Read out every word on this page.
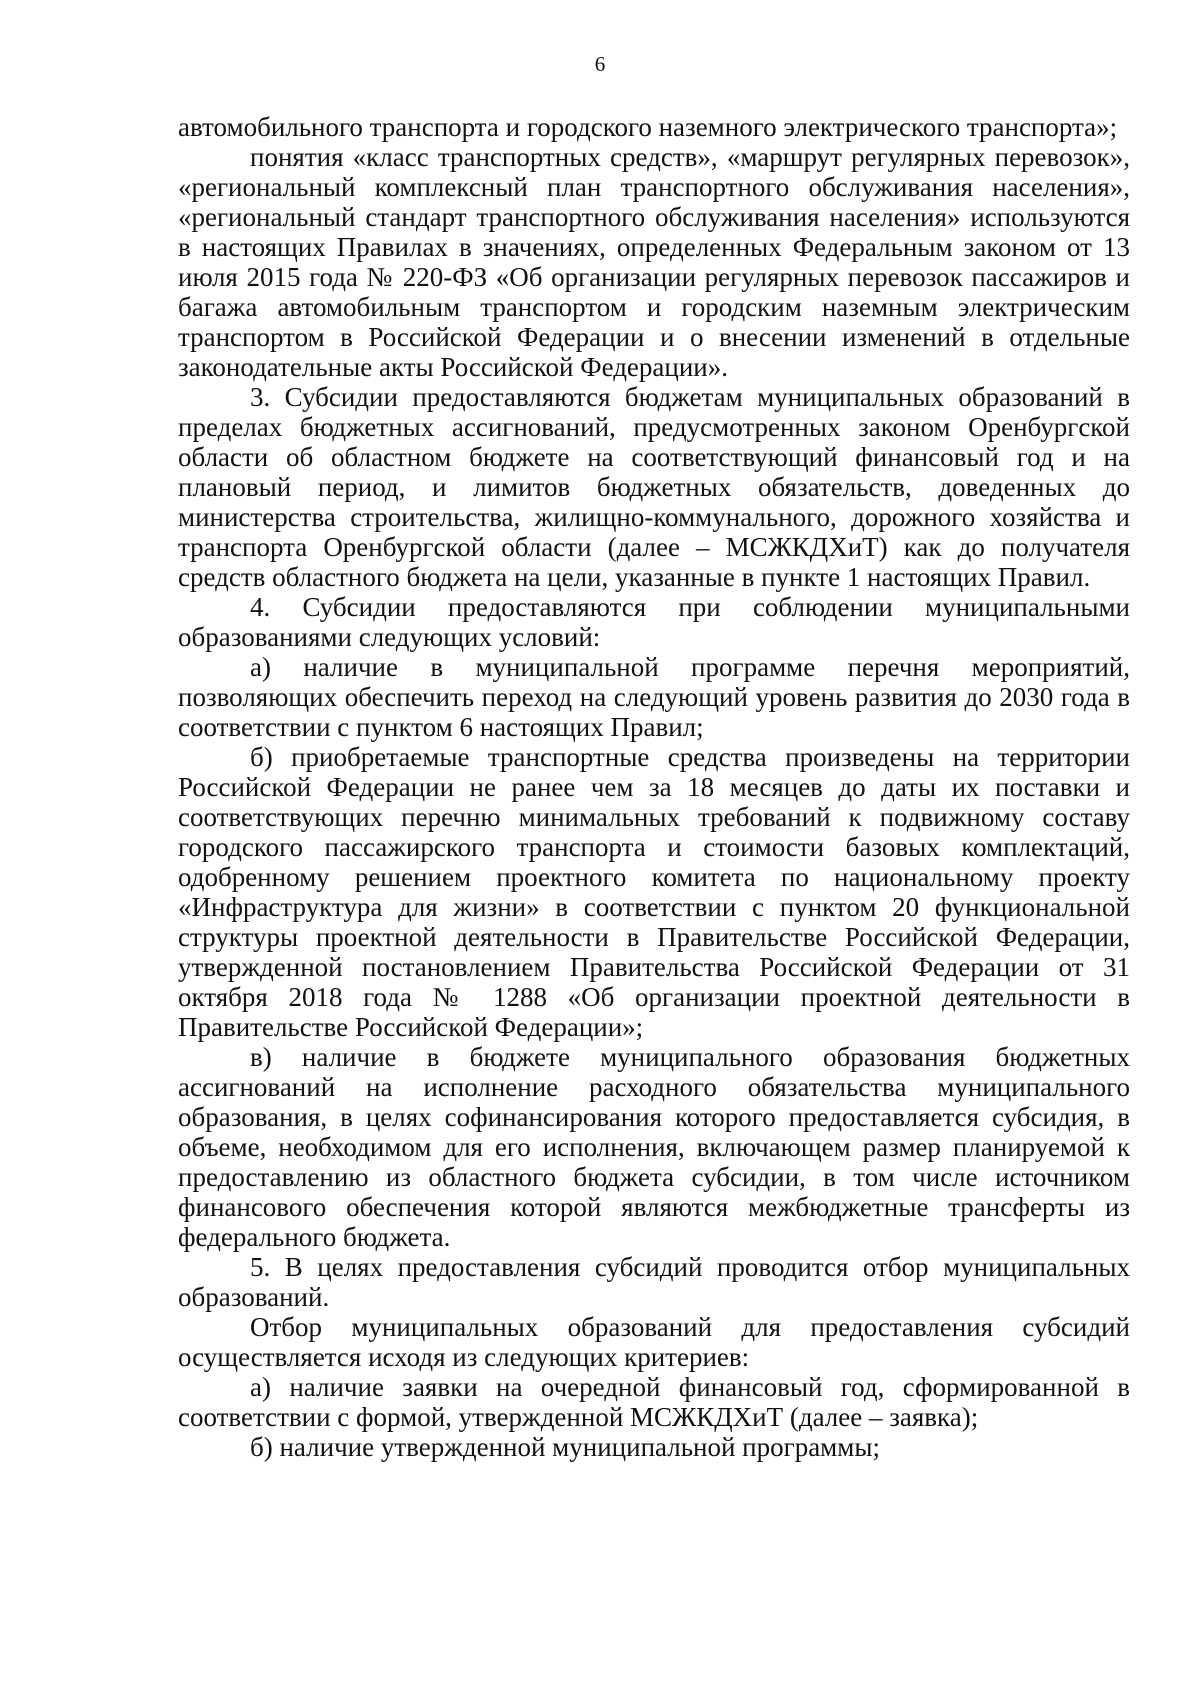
6

автомобильного транспорта и городского наземного электрического транспорта»;

понятия «класс транспортных средств», «маршрут регулярных перевозок», «региональный комплексный план транспортного обслуживания населения», «региональный стандарт транспортного обслуживания населения» используются в настоящих Правилах в значениях, определенных Федеральным законом от 13 июля 2015 года № 220-ФЗ «Об организации регулярных перевозок пассажиров и багажа автомобильным транспортом и городским наземным электрическим транспортом в Российской Федерации и о внесении изменений в отдельные законодательные акты Российской Федерации».

3. Субсидии предоставляются бюджетам муниципальных образований в пределах бюджетных ассигнований, предусмотренных законом Оренбургской области об областном бюджете на соответствующий финансовый год и на плановый период, и лимитов бюджетных обязательств, доведенных до министерства строительства, жилищно-коммунального, дорожного хозяйства и транспорта Оренбургской области (далее – МСЖКДХиТ) как до получателя средств областного бюджета на цели, указанные в пункте 1 настоящих Правил.

4. Субсидии предоставляются при соблюдении муниципальными образованиями следующих условий:

а) наличие в муниципальной программе перечня мероприятий, позволяющих обеспечить переход на следующий уровень развития до 2030 года в соответствии с пунктом 6 настоящих Правил;

б) приобретаемые транспортные средства произведены на территории Российской Федерации не ранее чем за 18 месяцев до даты их поставки и соответствующих перечню минимальных требований к подвижному составу городского пассажирского транспорта и стоимости базовых комплектаций, одобренному решением проектного комитета по национальному проекту «Инфраструктура для жизни» в соответствии с пунктом 20 функциональной структуры проектной деятельности в Правительстве Российской Федерации, утвержденной постановлением Правительства Российской Федерации от 31 октября 2018 года № 1288 «Об организации проектной деятельности в Правительстве Российской Федерации»;

в) наличие в бюджете муниципального образования бюджетных ассигнований на исполнение расходного обязательства муниципального образования, в целях софинансирования которого предоставляется субсидия, в объеме, необходимом для его исполнения, включающем размер планируемой к предоставлению из областного бюджета субсидии, в том числе источником финансового обеспечения которой являются межбюджетные трансферты из федерального бюджета.

5. В целях предоставления субсидий проводится отбор муниципальных образований.

Отбор муниципальных образований для предоставления субсидий осуществляется исходя из следующих критериев:

а) наличие заявки на очередной финансовый год, сформированной в соответствии с формой, утвержденной МСЖКДХиТ (далее – заявка);

б) наличие утвержденной муниципальной программы;
